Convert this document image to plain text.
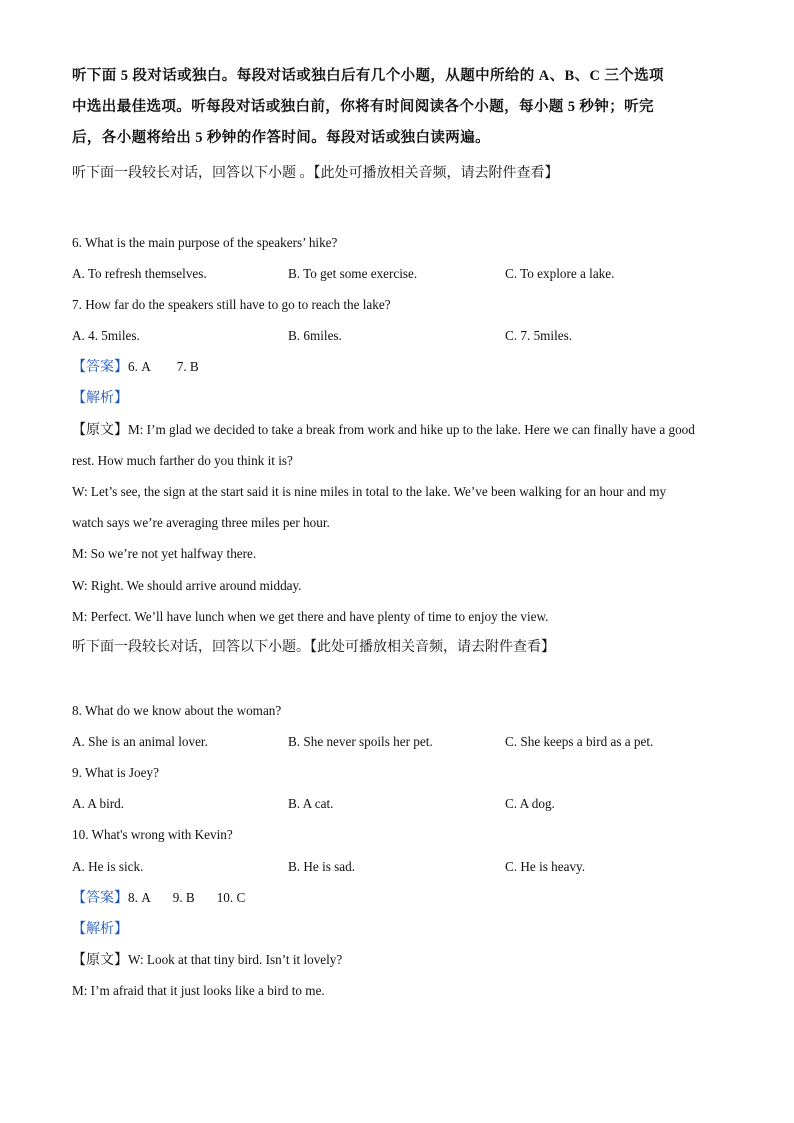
听下面 5 段对话或独白。每段对话或独白后有几个小题，从题中所给的 A、B、C 三个选项
中选出最佳选项。听每段对话或独白前，你将有时间阅读各个小题，每小题 5 秒钟；听完
后，各小题将给出 5 秒钟的作答时间。每段对话或独白读两遍。
听下面一段较长对话，回答以下小题 。【此处可播放相关音频，请去附件查看】
6. What is the main purpose of the speakers’ hike?
A. To refresh themselves.	B. To get some exercise.	C. To explore a lake.
7. How far do the speakers still have to go to reach the lake?
A. 4. 5miles.	B. 6miles.	C. 7. 5miles.
【答案】6. A 7. B
【解析】
【原文】M: I’m glad we decided to take a break from work and hike up to the lake. Here we can finally have a good
rest. How much farther do you think it is?
W: Let’s see, the sign at the start said it is nine miles in total to the lake. We’ve been walking for an hour and my
watch says we’re averaging three miles per hour.
M: So we’re not yet halfway there.
W: Right. We should arrive around midday.
M: Perfect. We’ll have lunch when we get there and have plenty of time to enjoy the view.
听下面一段较长对话，回答以下小题。【此处可播放相关音频，请去附件查看】
8. What do we know about the woman?
A. She is an animal lover.	B. She never spoils her pet.	C. She keeps a bird as a pet.
9. What is Joey?
A. A bird.	B. A cat.	C. A dog.
10. What's wrong with Kevin?
A. He is sick.	B. He is sad.	C. He is heavy.
【答案】8. A 9. B 10. C
【解析】
【原文】W: Look at that tiny bird. Isn’t it lovely?
M: I’m afraid that it just looks like a bird to me.
